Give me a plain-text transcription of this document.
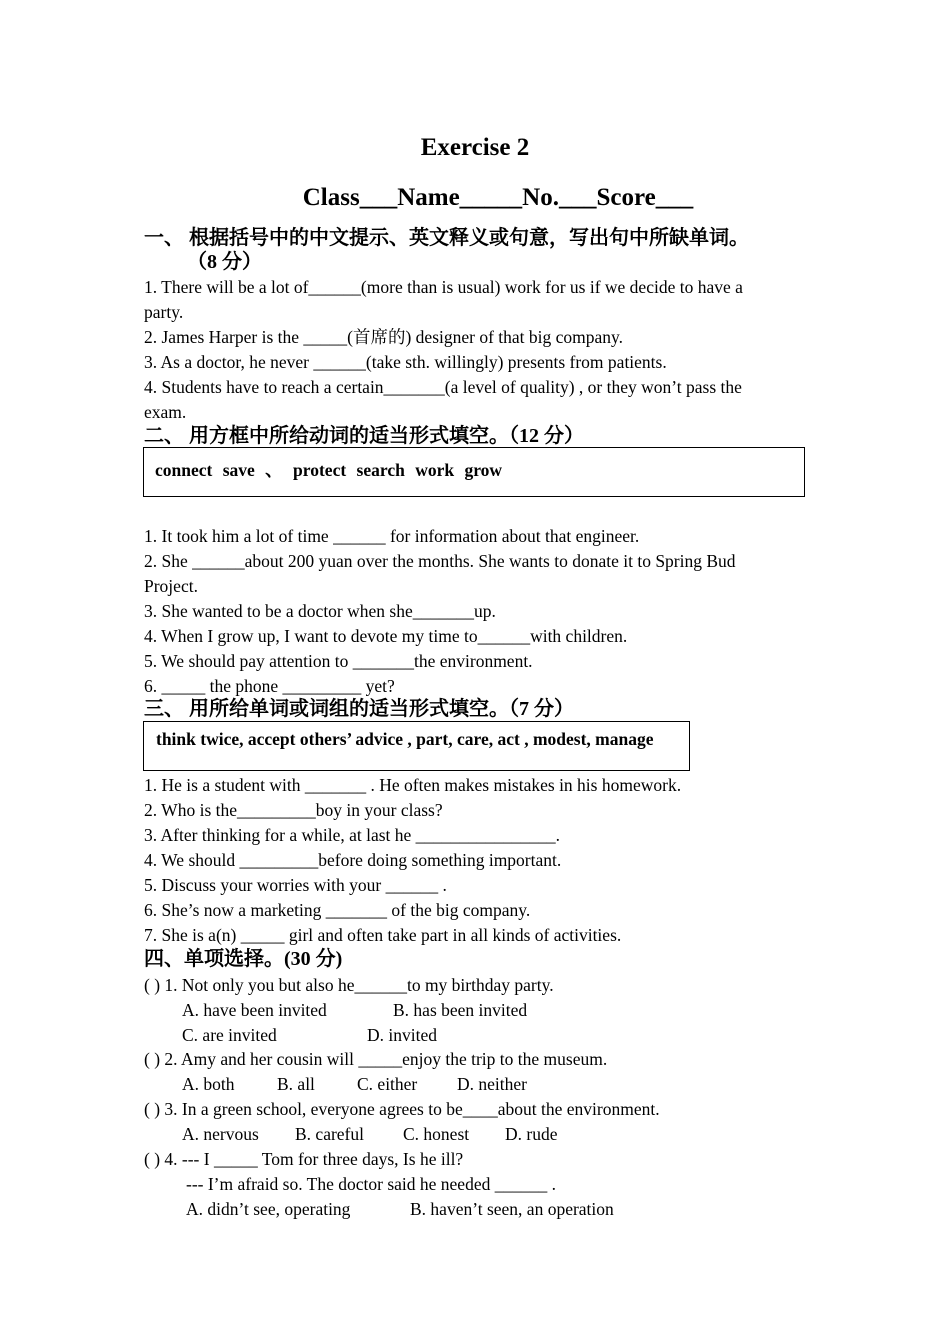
Exercise 2
Class___Name_____No.___Score___
一、 根据括号中的中文提示、英文释义或句意，写出句中所缺单词。
（8 分）
1. There will be a lot of______(more than is usual) work for us if we decide to have a
party.
2. James Harper is the _____(首席的) designer of that big company.
3. As a doctor, he never ______(take sth. willingly) presents from patients.
4. Students have to reach a certain_______(a level of quality) , or they won’t pass the
exam.
二、 用方框中所给动词的适当形式填空。（12 分）
connect save 、 protect search work grow
1. It took him a lot of time ______ for information about that engineer.
2. She ______about 200 yuan over the months. She wants to donate it to Spring Bud
Project.
3. She wanted to be a doctor when she_______up.
4. When I grow up, I want to devote my time to______with children.
5. We should pay attention to _______the environment.
6. _____ the phone _________ yet?
三、 用所给单词或词组的适当形式填空。（7 分）
think twice, accept others’ advice , part, care, act , modest, manage
1. He is a student with _______ . He often makes mistakes in his homework.
2. Who is the_________boy in your class?
3. After thinking for a while, at last he ________________.
4. We should _________before doing something important.
5. Discuss your worries with your ______ .
6. She’s now a marketing _______ of the big company.
7. She is a(n) _____ girl and often take part in all kinds of activities.
四、单项选择。(30 分)
( ) 1. Not only you but also he______to my birthday party.
A. have been invited	B. has been invited
C. are invited	D. invited
( ) 2. Amy and her cousin will _____enjoy the trip to the museum.
A. both B. all C. either D. neither
( ) 3. In a green school, everyone agrees to be____about the environment.
A. nervous B. careful C. honest D. rude
( ) 4. --- I _____ Tom for three days, Is he ill?
--- I’m afraid so. The doctor said he needed ______ .
A. didn’t see, operating	B. haven’t seen, an operation
